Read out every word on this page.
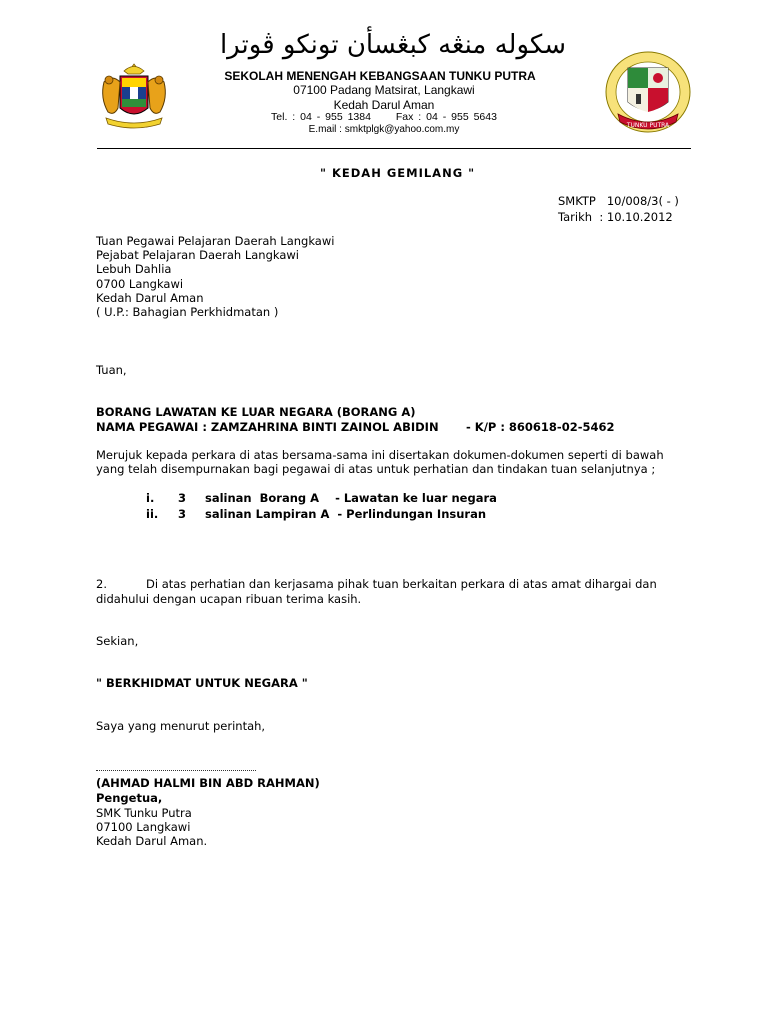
TUNKU PUTRA
سکوله منڠه کبڠسأن تونکو ڤوترا
SEKOLAH MENENGAH KEBANGSAAN TUNKU PUTRA
07100 Padang Matsirat, Langkawi
Kedah Darul Aman
Tel. : 04 - 955 1384 Fax : 04 - 955 5643
E.mail : smktplgk@yahoo.com.my
" KEDAH GEMILANG "
SMKTP 10/008/3( - )
Tarikh : 10.10.2012
Tuan Pegawai Pelajaran Daerah Langkawi
Pejabat Pelajaran Daerah Langkawi
Lebuh Dahlia
0700 Langkawi
Kedah Darul Aman
( U.P.: Bahagian Perkhidmatan )
Tuan,
BORANG LAWATAN KE LUAR NEGARA (BORANG A)
NAMA PEGAWAI : ZAMZAHRINA BINTI ZAINOL ABIDIN - K/P : 860618-02-5462
Merujuk kepada perkara di atas bersama-sama ini disertakan dokumen-dokumen seperti di bawah
yang telah disempurnakan bagi pegawai di atas untuk perhatian dan tindakan tuan selanjutnya ;
i. 3 salinan  Borang A    - Lawatan ke luar negara
ii. 3 salinan Lampiran A  - Perlindungan Insuran
2.	Di atas perhatian dan kerjasama pihak tuan berkaitan perkara di atas amat dihargai dan
didahului dengan ucapan ribuan terima kasih.
Sekian,
" BERKHIDMAT UNTUK NEGARA "
Saya yang menurut perintah,
(AHMAD HALMI BIN ABD RAHMAN)
Pengetua,
SMK Tunku Putra
07100 Langkawi
Kedah Darul Aman.
